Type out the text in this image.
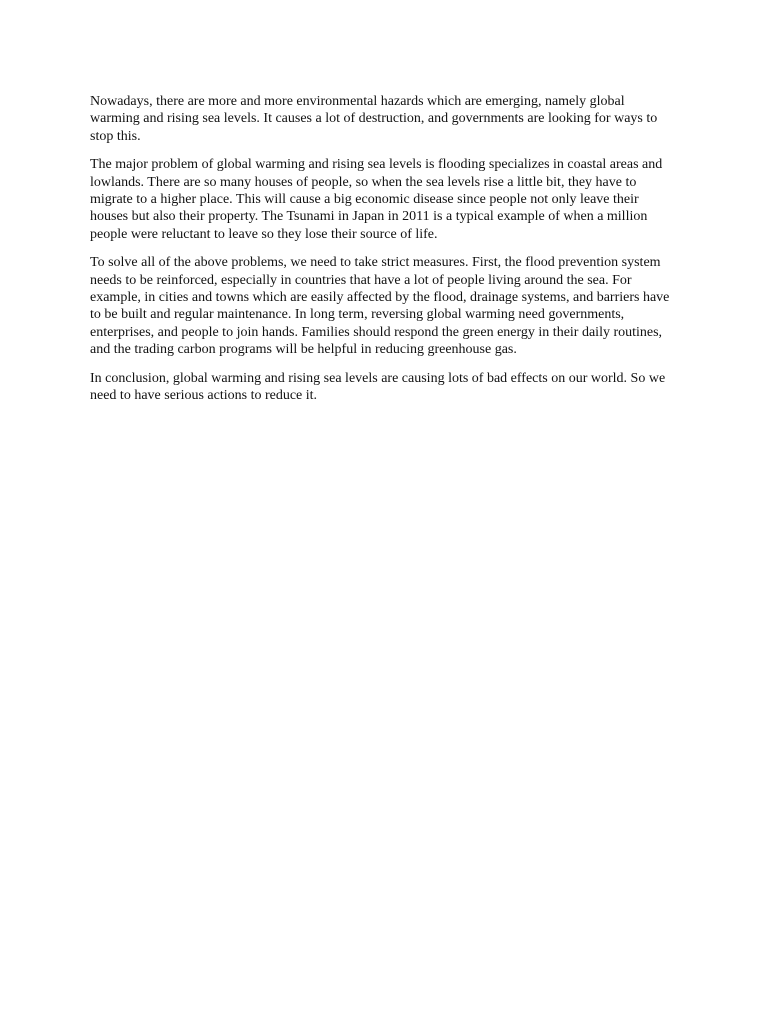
Nowadays, there are more and more environmental hazards which are emerging, namely global warming and rising sea levels. It causes a lot of destruction, and governments are looking for ways to stop this.

The major problem of global warming and rising sea levels is flooding specializes in coastal areas and lowlands. There are so many houses of people, so when the sea levels rise a little bit, they have to migrate to a higher place. This will cause a big economic disease since people not only leave their houses but also their property. The Tsunami in Japan in 2011 is a typical example of when a million people were reluctant to leave so they lose their source of life.

To solve all of the above problems, we need to take strict measures. First, the flood prevention system needs to be reinforced, especially in countries that have a lot of people living around the sea. For example, in cities and towns which are easily affected by the flood, drainage systems, and barriers have to be built and regular maintenance. In long term, reversing global warming need governments, enterprises, and people to join hands. Families should respond the green energy in their daily routines, and the trading carbon programs will be helpful in reducing greenhouse gas.

In conclusion, global warming and rising sea levels are causing lots of bad effects on our world. So we need to have serious actions to reduce it.
